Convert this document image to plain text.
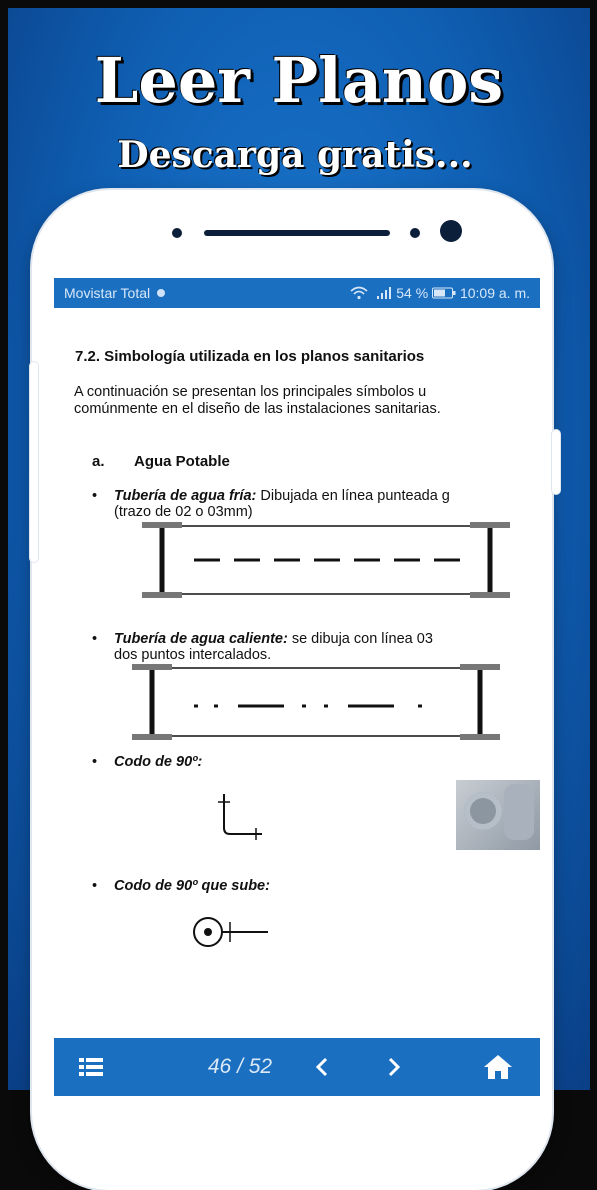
Leer Planos
Descarga gratis...
Movistar Total	54 % 10:09 a. m.
7.2. Simbología utilizada en los planos sanitarios
A continuación se presentan los principales símbolos u
comúnmente en el diseño de las instalaciones sanitarias.
a. Agua Potable
• Tubería de agua fría: Dibujada en línea punteada g
(trazo de 02 o 03mm)
• Tubería de agua caliente: se dibuja con línea 03
dos puntos intercalados.
• Codo de 90º:
• Codo de 90º que sube:
46 / 52
